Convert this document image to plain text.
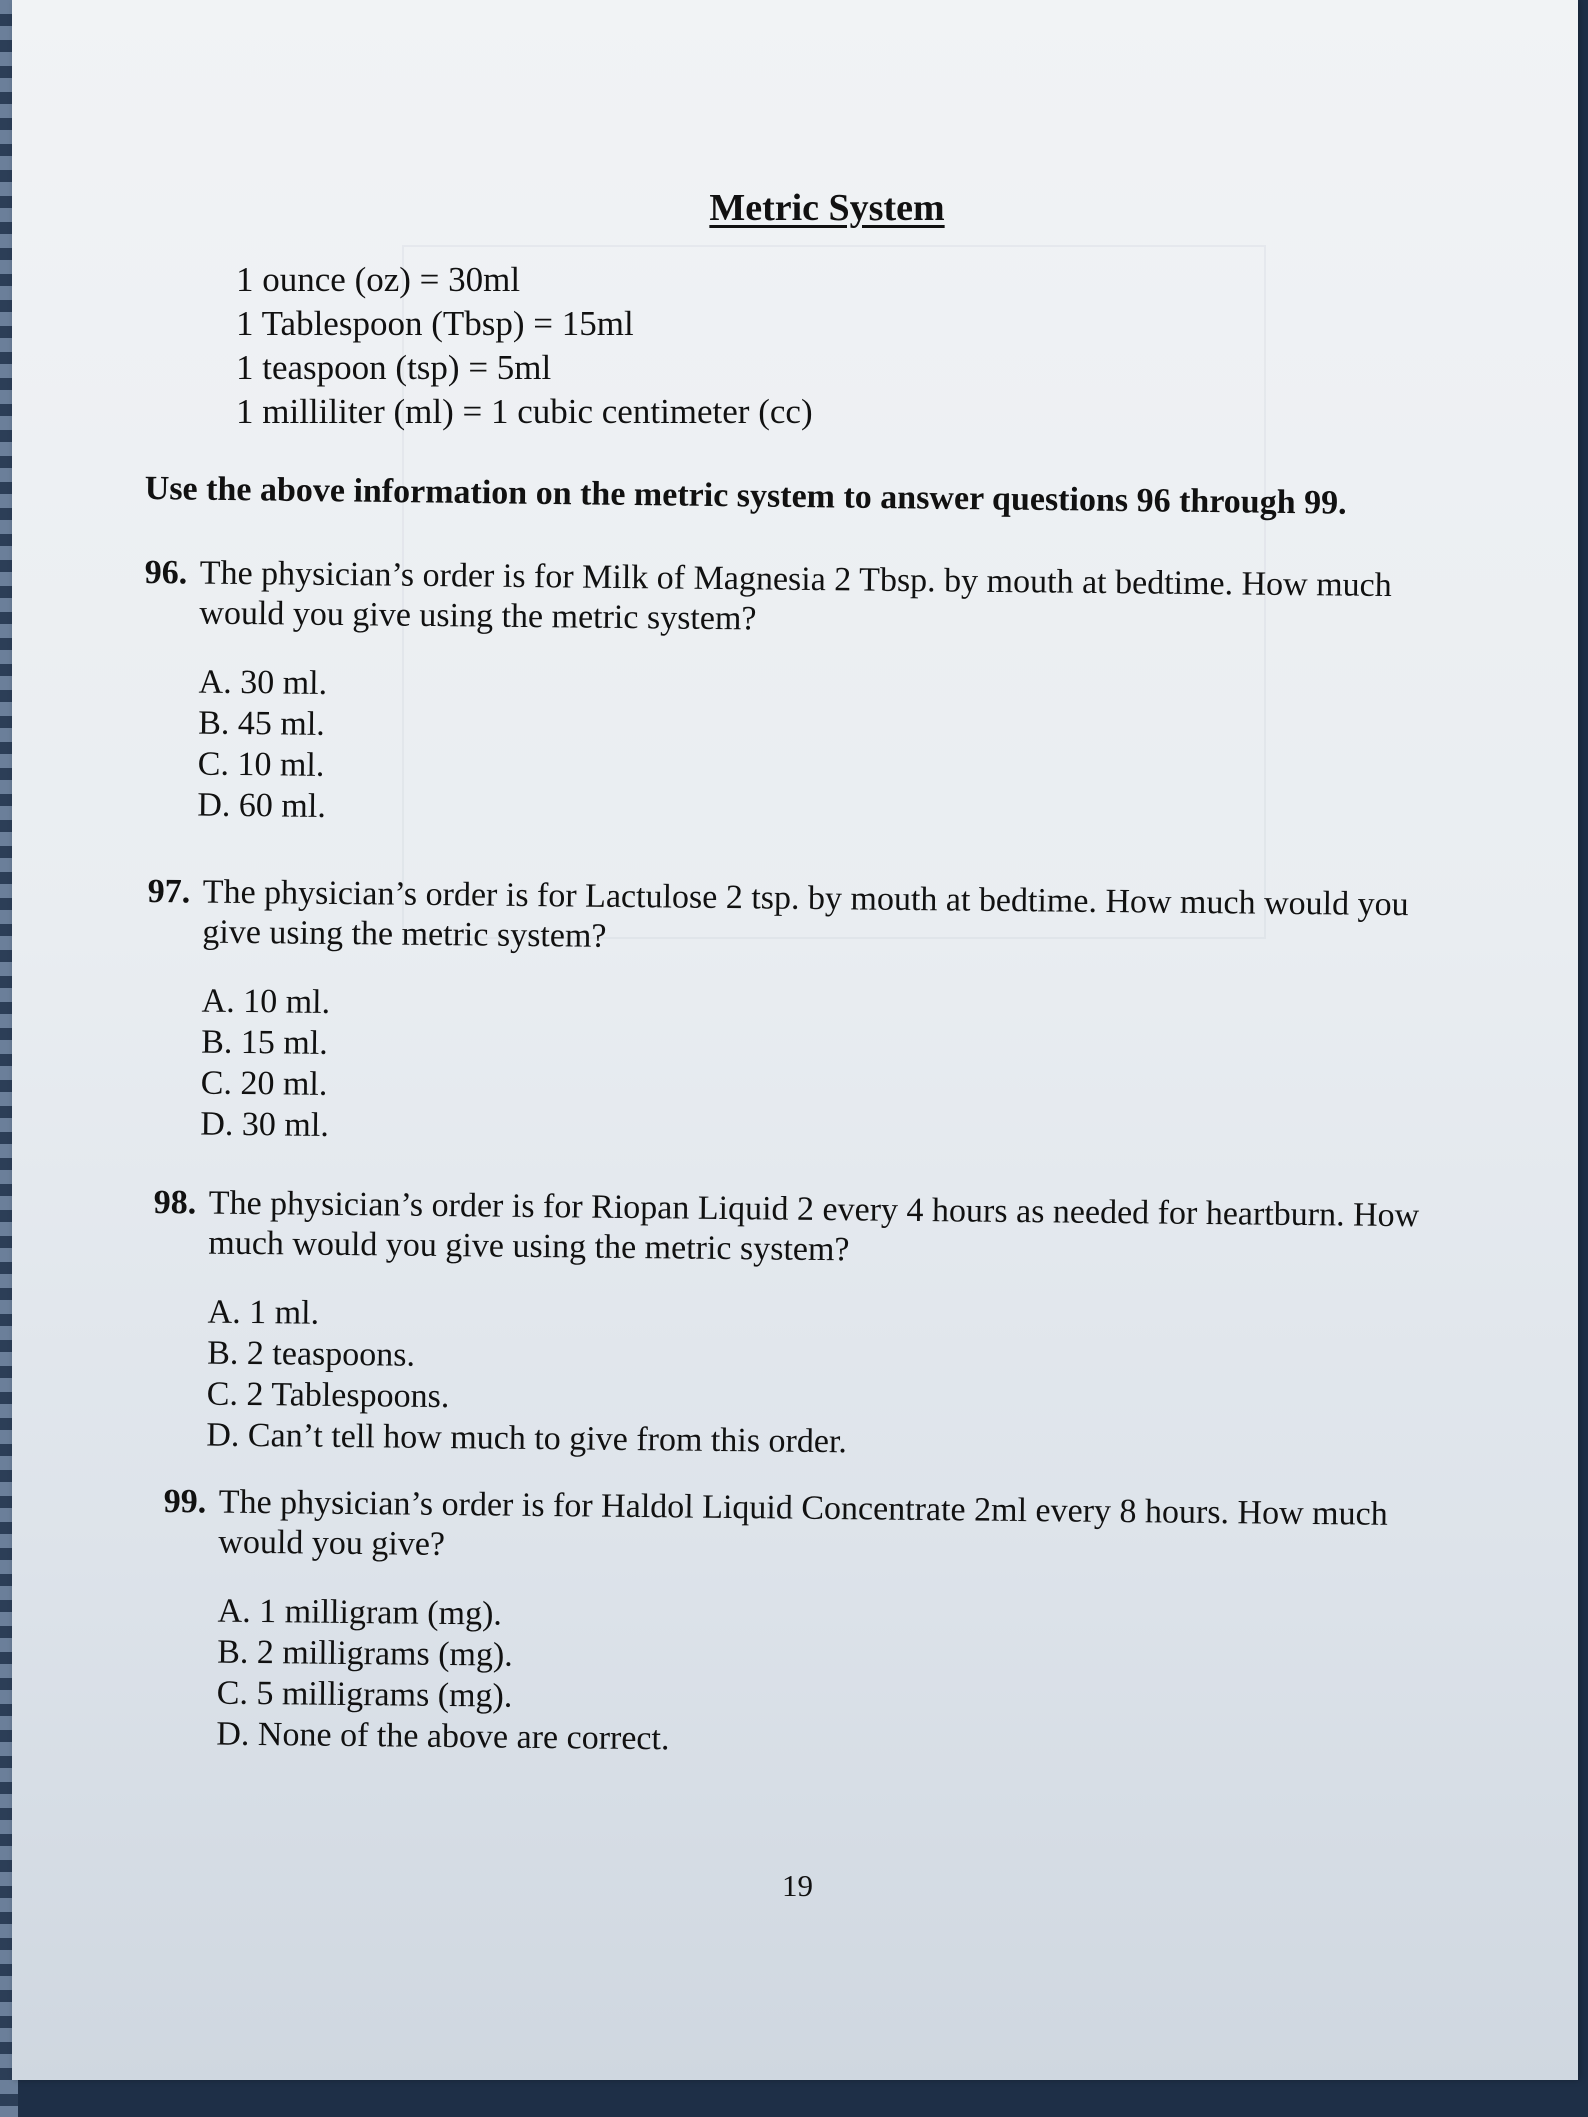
Metric System
1 ounce (oz) = 30ml
1 Tablespoon (Tbsp) = 15ml
1 teaspoon (tsp) = 5ml
1 milliliter (ml) = 1 cubic centimeter (cc)
Use the above information on the metric system to answer questions 96 through 99.
96. The physician’s order is for Milk of Magnesia 2 Tbsp. by mouth at bedtime. How much would you give using the metric system?
A. 30 ml.
B. 45 ml.
C. 10 ml.
D. 60 ml.
97. The physician’s order is for Lactulose 2 tsp. by mouth at bedtime. How much would you give using the metric system?
A. 10 ml.
B. 15 ml.
C. 20 ml.
D. 30 ml.
98. The physician’s order is for Riopan Liquid 2 every 4 hours as needed for heartburn. How much would you give using the metric system?
A. 1 ml.
B. 2 teaspoons.
C. 2 Tablespoons.
D. Can’t tell how much to give from this order.
99. The physician’s order is for Haldol Liquid Concentrate 2ml every 8 hours. How much would you give?
A. 1 milligram (mg).
B. 2 milligrams (mg).
C. 5 milligrams (mg).
D. None of the above are correct.
19
